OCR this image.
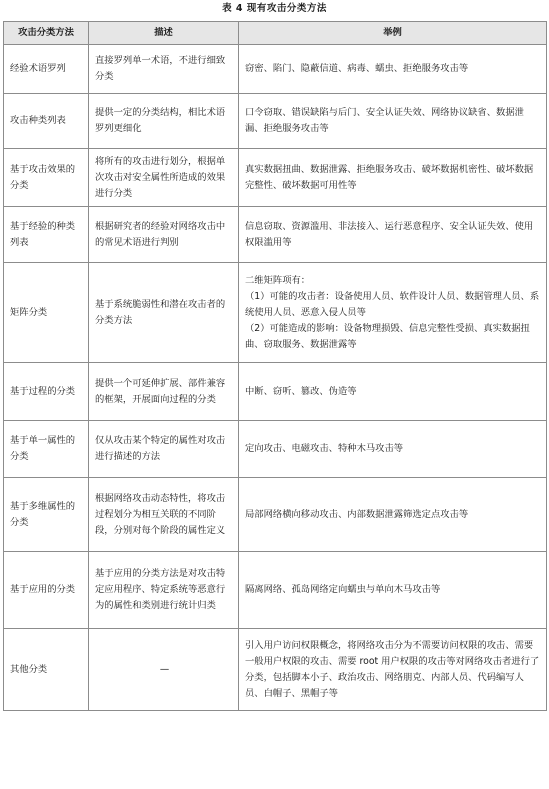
表 4 现有攻击分类方法
攻击分类方法	描述	举例
经验术语罗列	直接罗列单一术语，不进行细致分类	窃密、陷门、隐蔽信道、病毒、蠕虫、拒绝服务攻击等

攻击种类列表	提供一定的分类结构，相比术语罗列更细化	口令窃取、错误缺陷与后门、安全认证失效、网络协议缺省、数据泄漏、拒绝服务攻击等

基于攻击效果的分类	将所有的攻击进行划分，根据单次攻击对安全属性所造成的效果进行分类	真实数据扭曲、数据泄露、拒绝服务攻击、破坏数据机密性、破坏数据完整性、破坏数据可用性等

基于经验的种类列表	根据研究者的经验对网络攻击中的常见术语进行判别	信息窃取、资源滥用、非法接入、运行恶意程序、安全认证失效、使用权限滥用等

矩阵分类	基于系统脆弱性和潜在攻击者的分类方法	二维矩阵项有：
（1）可能的攻击者：设备使用人员、软件设计人员、数据管理人员、系统使用人员、恶意入侵人员等
（2）可能造成的影响：设备物理损毁、信息完整性受损、真实数据扭曲、窃取服务、数据泄露等

基于过程的分类	提供一个可延伸扩展、部件兼容的框架，开展面向过程的分类	中断、窃听、篡改、伪造等

基于单一属性的分类	仅从攻击某个特定的属性对攻击进行描述的方法	定向攻击、电磁攻击、特种木马攻击等

基于多维属性的分类	根据网络攻击动态特性，将攻击过程划分为相互关联的不同阶段，分别对每个阶段的属性定义	局部网络横向移动攻击、内部数据泄露筛选定点攻击等

基于应用的分类	基于应用的分类方法是对攻击特定应用程序、特定系统等恶意行为的属性和类别进行统计归类	隔离网络、孤岛网络定向蠕虫与单向木马攻击等

其他分类	—	引入用户访问权限概念，将网络攻击分为不需要访问权限的攻击、需要一般用户权限的攻击、需要 root 用户权限的攻击等对网络攻击者进行了分类，包括脚本小子、政治攻击、网络朋克、内部人员、代码编写人员、白帽子、黑帽子等
